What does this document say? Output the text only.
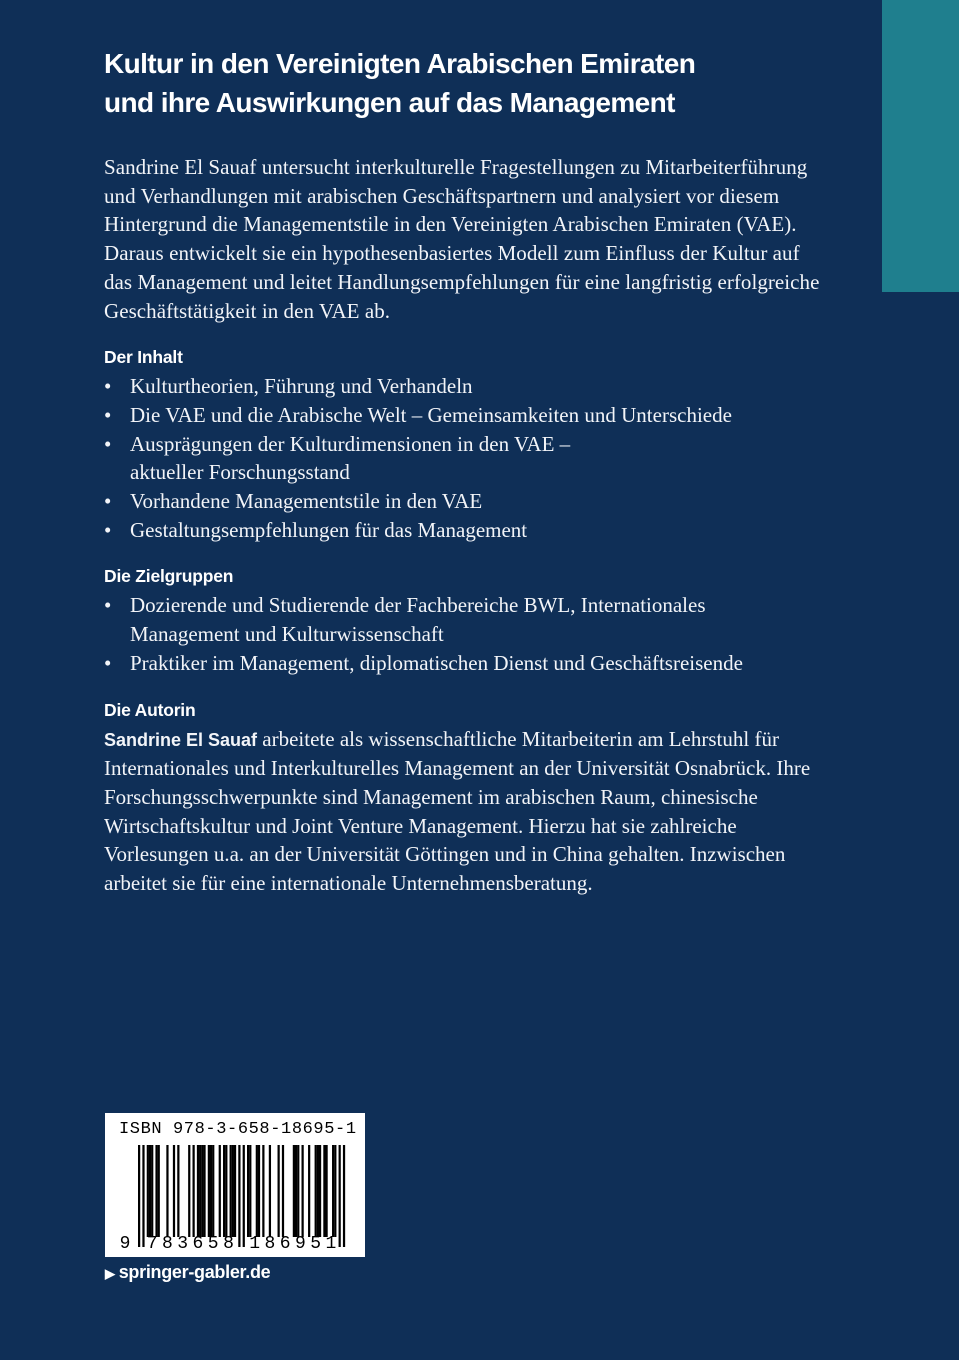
Kultur in den Vereinigten Arabischen Emiraten
und ihre Auswirkungen auf das Management

Sandrine El Sauaf untersucht interkulturelle Fragestellungen zu Mitarbeiterführung und Verhandlungen mit arabischen Geschäftspartnern und analysiert vor diesem Hintergrund die Managementstile in den Vereinigten Arabischen Emiraten (VAE). Daraus entwickelt sie ein hypothesenbasiertes Modell zum Einfluss der Kultur auf das Management und leitet Handlungsempfehlungen für eine langfristig erfolgreiche Geschäftstätigkeit in den VAE ab.

Der Inhalt
• Kulturtheorien, Führung und Verhandeln
• Die VAE und die Arabische Welt – Gemeinsamkeiten und Unterschiede
• Ausprägungen der Kulturdimensionen in den VAE – aktueller Forschungsstand
• Vorhandene Managementstile in den VAE
• Gestaltungsempfehlungen für das Management
Die Zielgruppen
• Dozierende und Studierende der Fachbereiche BWL, Internationales Management und Kulturwissenschaft
• Praktiker im Management, diplomatischen Dienst und Geschäftsreisende
Die Autorin

Sandrine El Sauaf arbeitete als wissenschaftliche Mitarbeiterin am Lehrstuhl für Internationales und Interkulturelles Management an der Universität Osnabrück. Ihre Forschungsschwerpunkte sind Management im arabischen Raum, chinesische Wirtschaftskultur und Joint Venture Management. Hierzu hat sie zahlreiche Vorlesungen u.a. an der Universität Göttingen und in China gehalten. Inzwischen arbeitet sie für eine internationale Unternehmensberatung.

ISBN 978-3-658-18695-1
9 7 8 3 6 5 8 1 8 6 9 5 1
▶ springer-gabler.de
